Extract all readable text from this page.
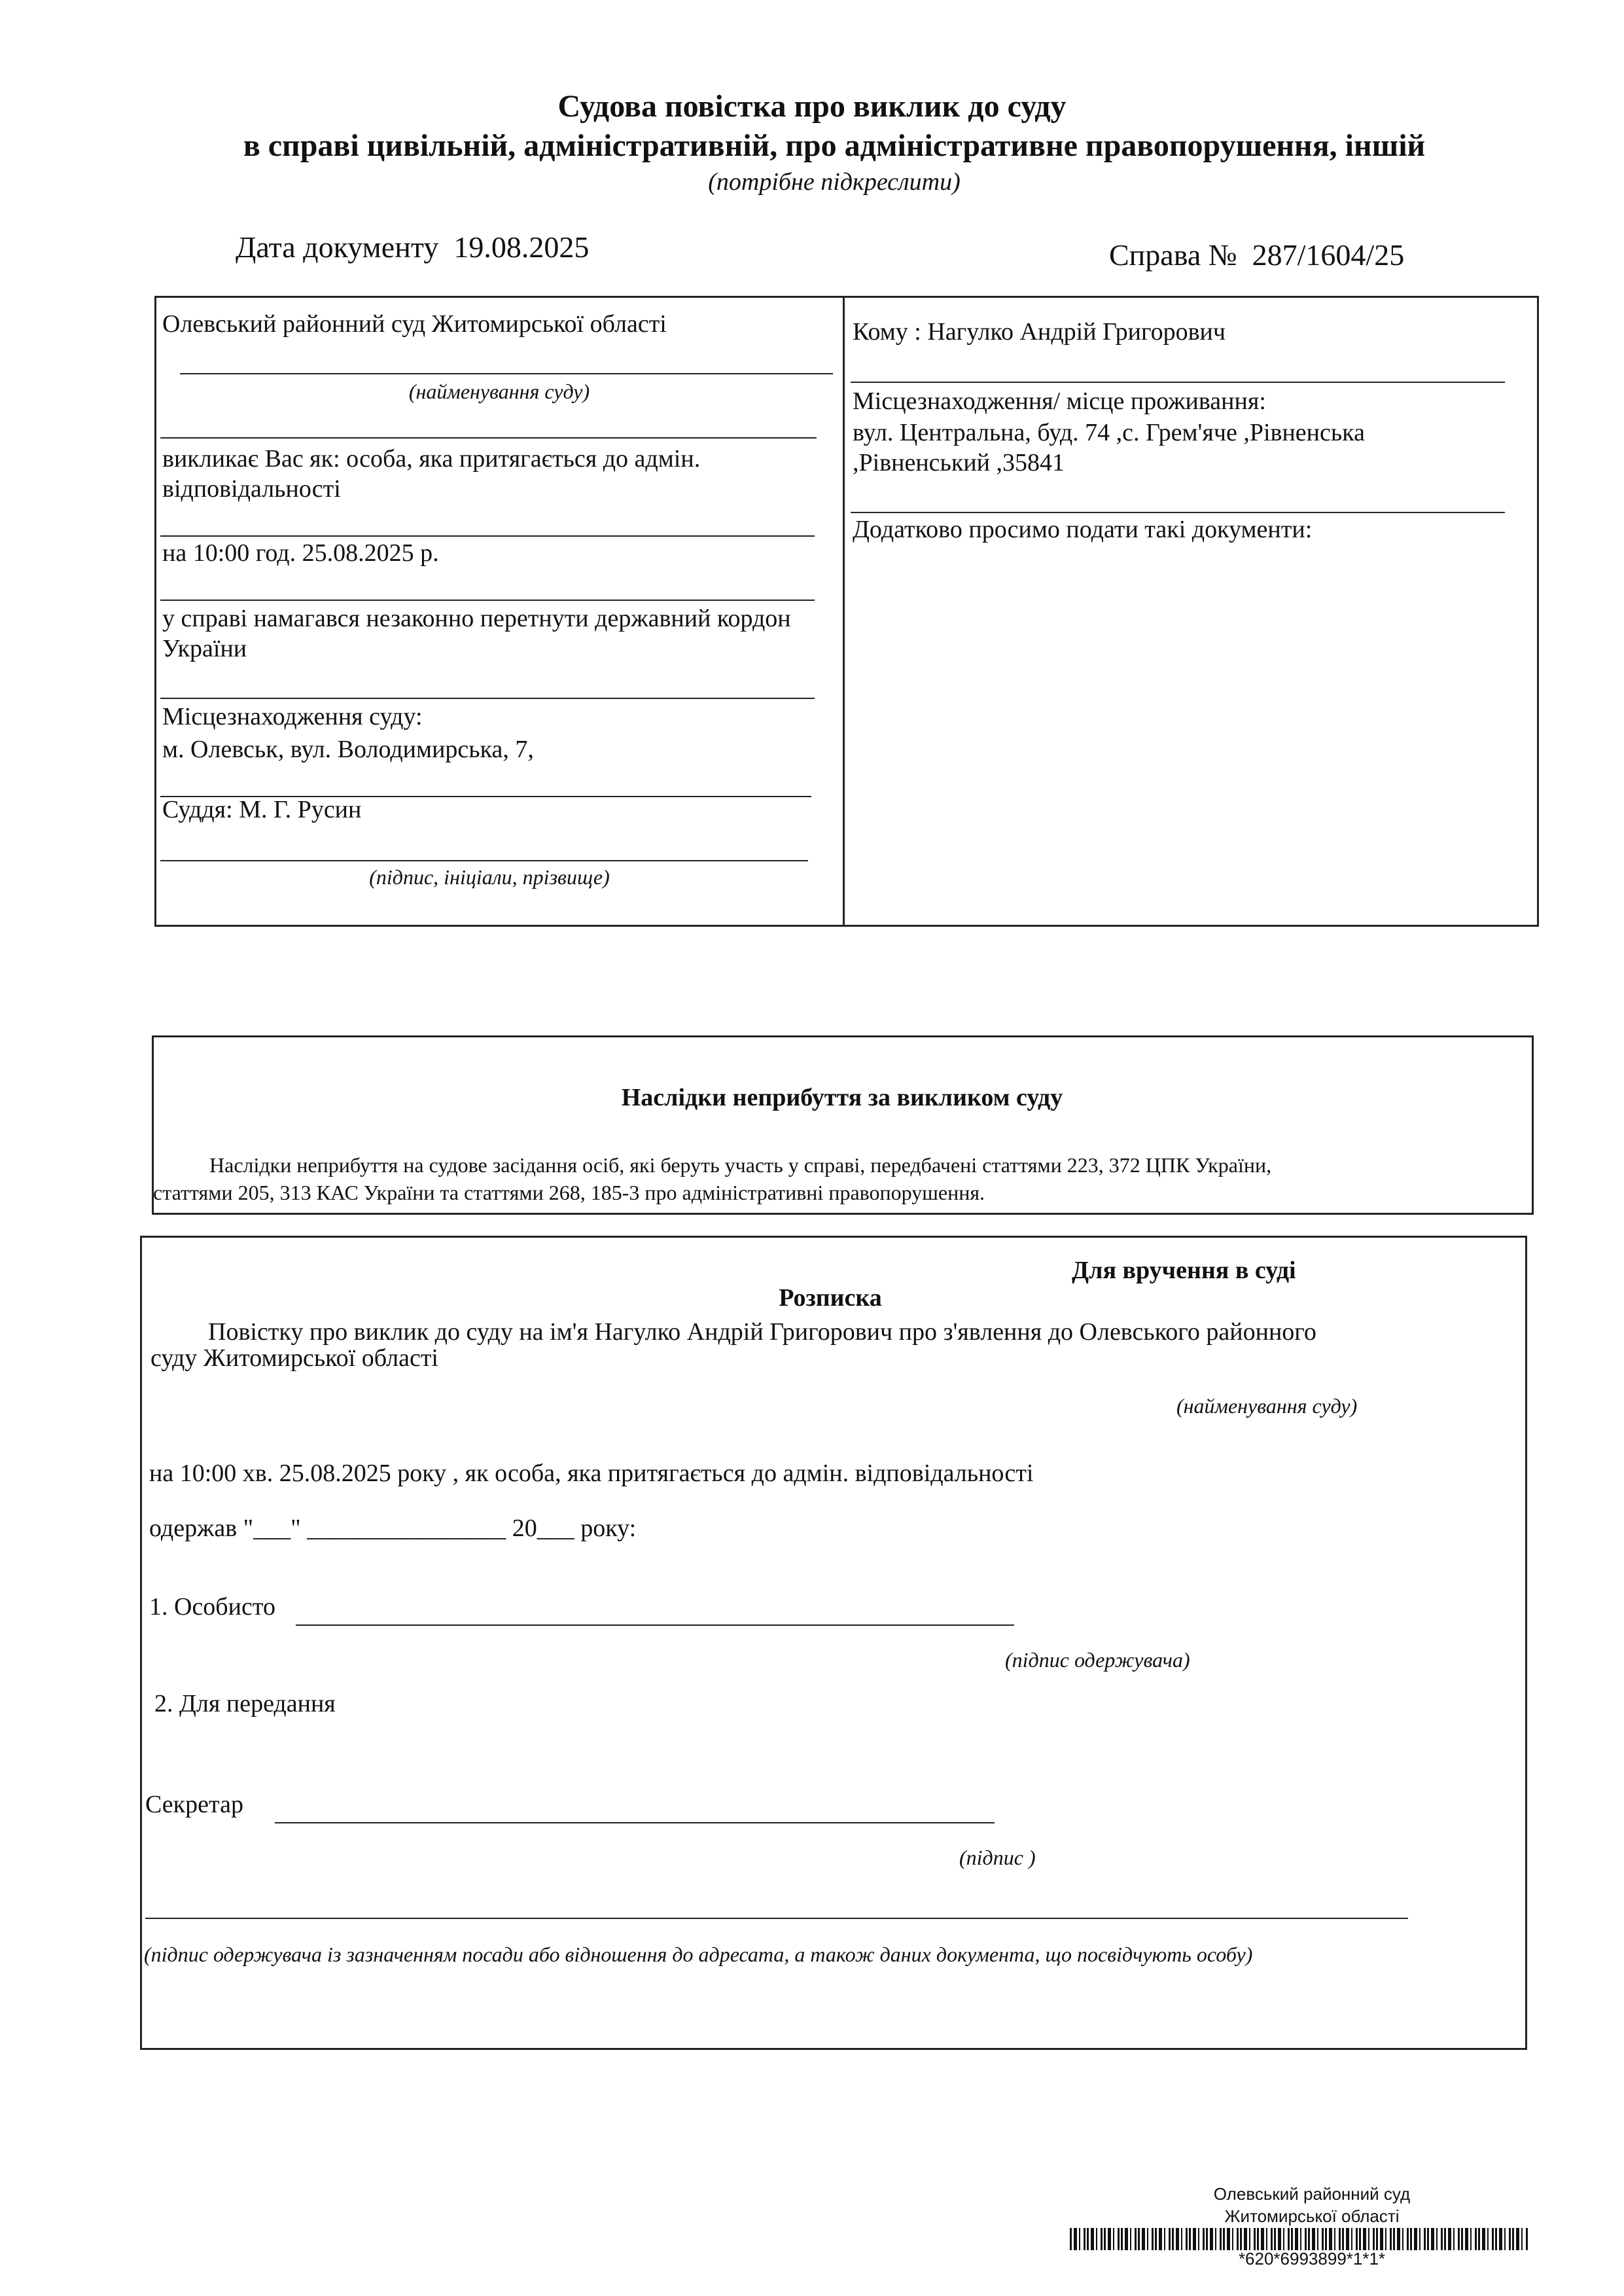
Судова повістка про виклик до суду
в справі цивільній, адміністративній, про адміністративне правопорушення, іншій
(потрібне підкреслити)
Дата документу 19.08.2025	Справа № 287/1604/25
Олевський районний суд Житомирської області
(найменування суду)
викликає Вас як: особа, яка притягається до адмін. відповідальності
на 10:00 год. 25.08.2025 р.
у справі намагався незаконно перетнути державний кордон України
Місцезнаходження суду:
м. Олевськ, вул. Володимирська, 7,
Суддя: М. Г. Русин
(підпис, ініціали, прізвище)
Кому : Нагулко Андрій Григорович
Місцезнаходження/ місце проживання:
вул. Центральна, буд. 74 ,с. Грем'яче ,Рівненська
,Рівненський ,35841
Додатково просимо подати такі документи:
Наслідки неприбуття за викликом суду
Наслідки неприбуття на судове засідання осіб, які беруть участь у справі, передбачені статтями 223, 372 ЦПК України,
статтями 205, 313 КАС України та статтями 268, 185-3 про адміністративні правопорушення.
Для вручення в суді
Розписка
Повістку про виклик до суду на ім'я Нагулко Андрій Григорович про з'явлення до Олевського районного
суду Житомирської області
(найменування суду)
на 10:00 хв. 25.08.2025 року , як особа, яка притягається до адмін. відповідальності
одержав "___" ________________ 20___ року:
1. Особисто
(підпис одержувача)
2. Для передання
Секретар
(підпис )
(підпис одержувача із зазначенням посади або відношення до адресата, а також даних документа, що посвідчують особу)
Олевський районний суд
Житомирської області
*620*6993899*1*1*
